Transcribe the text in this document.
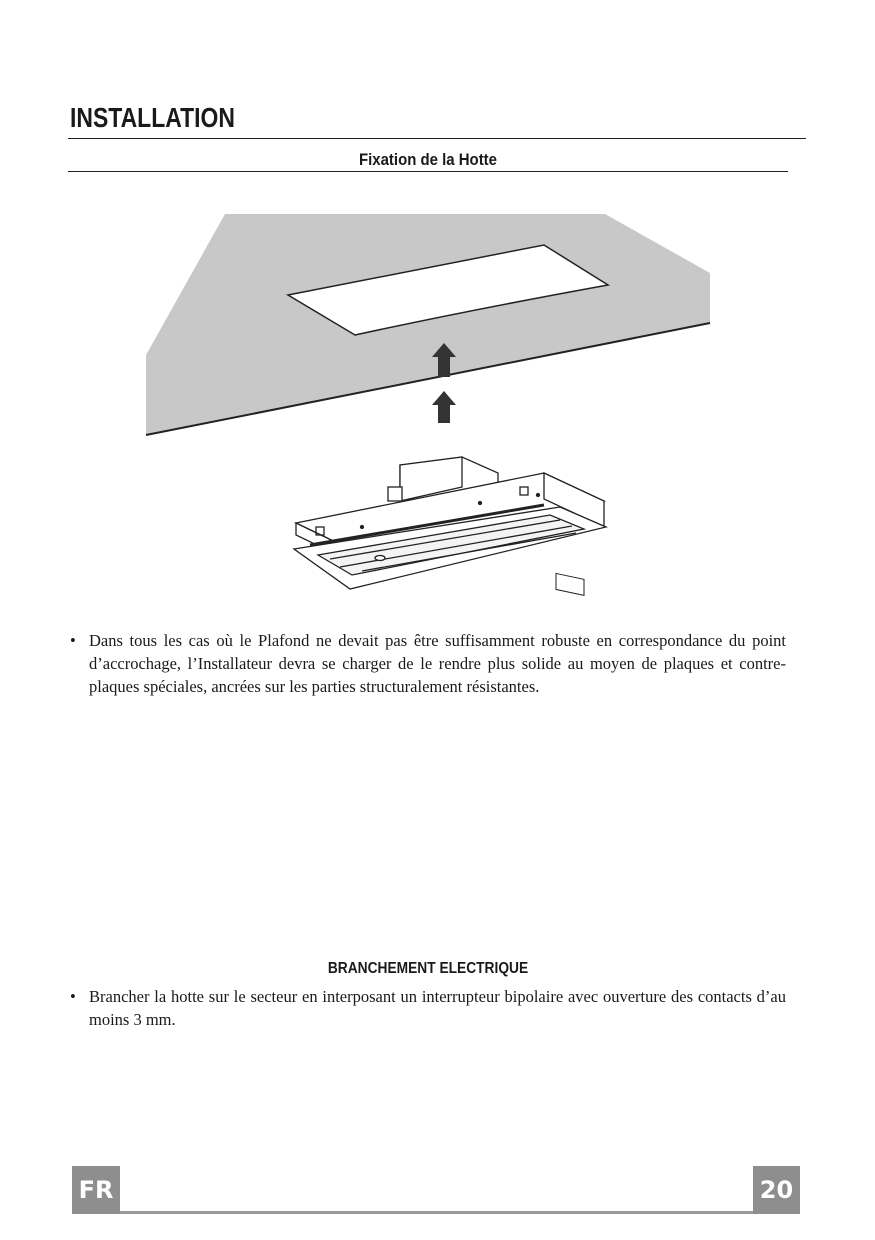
INSTALLATION
Fixation de la Hotte
• Dans tous les cas où le Plafond ne devait pas être suffisamment robuste en correspondance du point d’accrochage, l’Installateur devra se charger de le rendre plus solide au moyen de plaques et contre-plaques spéciales, ancrées sur les parties structuralement résistantes.
BRANCHEMENT ELECTRIQUE
• Brancher la hotte sur le secteur en interposant un interrupteur bipolaire avec ouverture des contacts d’au moins 3 mm.
FR	20
